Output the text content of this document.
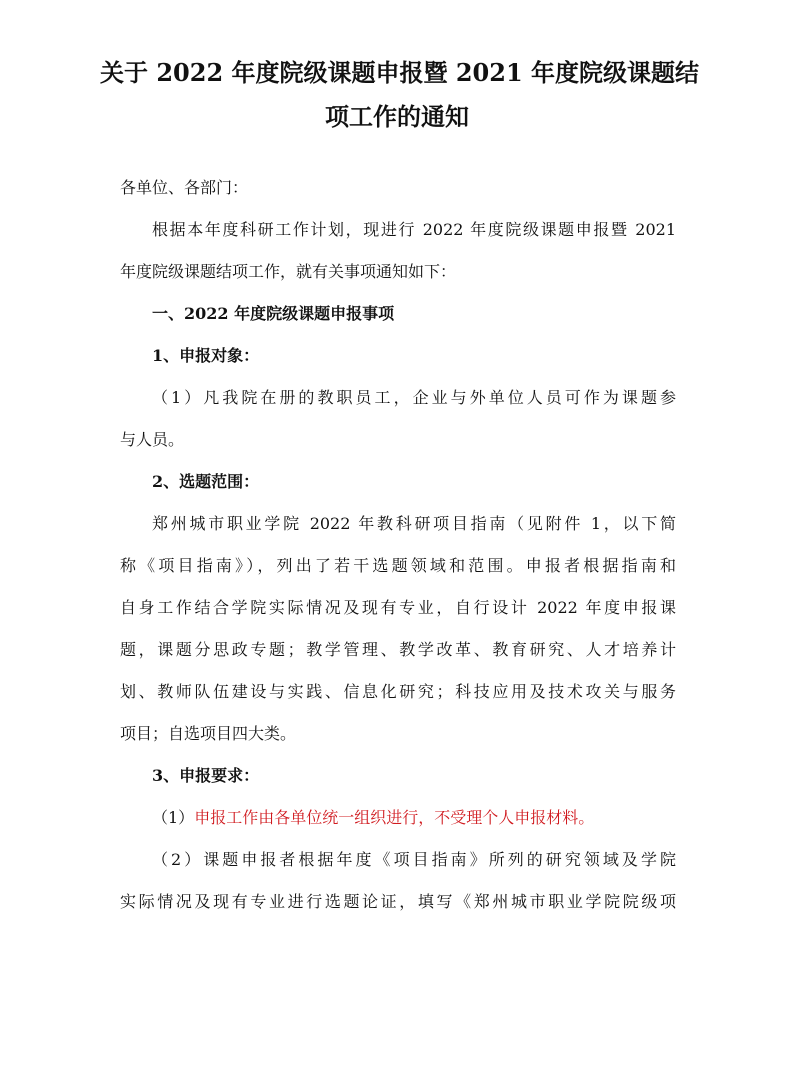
关于 2022 年度院级课题申报暨 2021 年度院级课题结
项工作的通知
各单位、各部门：
根据本年度科研工作计划，现进行 2022 年度院级课题申报暨 2021
年度院级课题结项工作，就有关事项通知如下：
一、2022 年度院级课题申报事项
1、申报对象：
（1）凡我院在册的教职员工，企业与外单位人员可作为课题参
与人员。
2、选题范围：
郑州城市职业学院 2022 年教科研项目指南（见附件 1，以下简
称《项目指南》），列出了若干选题领域和范围。申报者根据指南和
自身工作结合学院实际情况及现有专业，自行设计 2022 年度申报课
题，课题分思政专题；教学管理、教学改革、教育研究、人才培养计
划、教师队伍建设与实践、信息化研究；科技应用及技术攻关与服务
项目；自选项目四大类。
3、申报要求：
（1）申报工作由各单位统一组织进行，不受理个人申报材料。
（2）课题申报者根据年度《项目指南》所列的研究领域及学院
实际情况及现有专业进行选题论证，填写《郑州城市职业学院院级项
